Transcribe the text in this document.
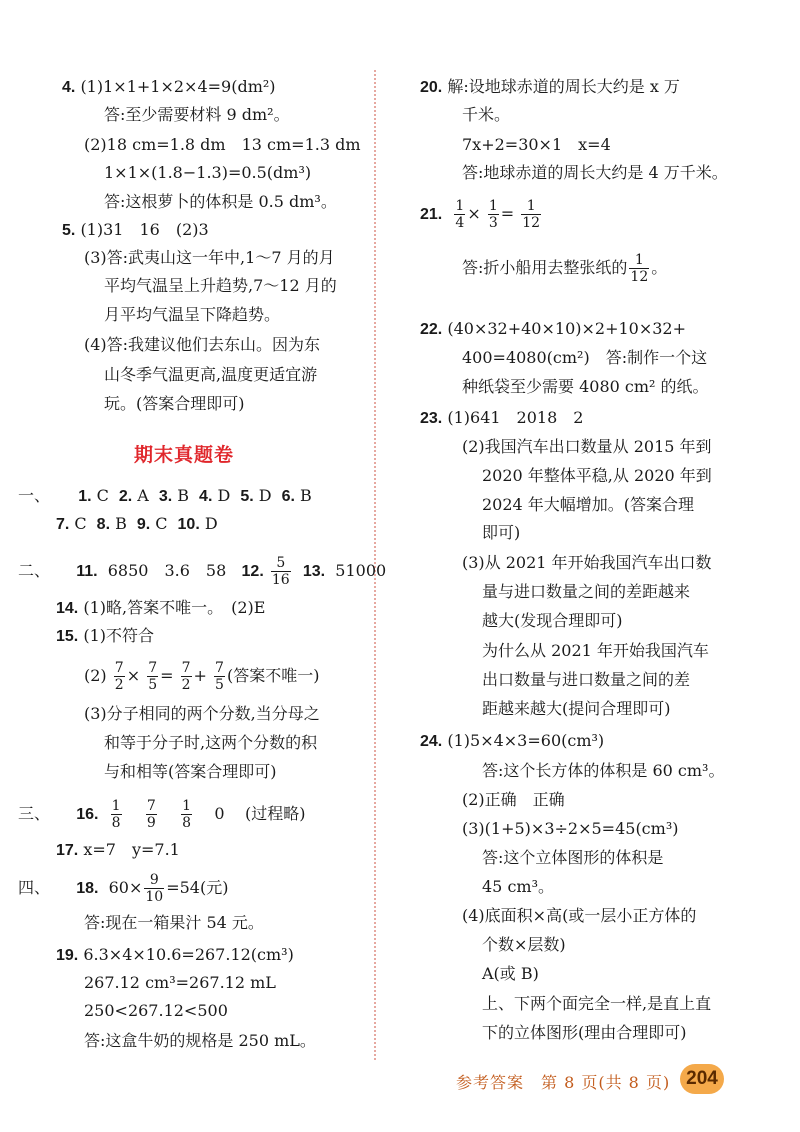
4. (1)1×1+1×2×4=9(dm²)
答:至少需要材料 9 dm²。
(2)18 cm=1.8 dm　13 cm=1.3 dm
1×1×(1.8−1.3)=0.5(dm³)
答:这根萝卜的体积是 0.5 dm³。
5. (1)31　16　(2)3
(3)答:武夷山这一年中,1～7 月的月
平均气温呈上升趋势,7～12 月的
月平均气温呈下降趋势。
(4)答:我建议他们去东山。因为东
山冬季气温更高,温度更适宜游
玩。(答案合理即可)
期末真题卷
一、 1. C 2. A 3. B 4. D 5. D 6. B
7. C 8. B 9. C 10. D
二、 11. 6850　3.6　58 12. $\frac{5}{16} 13$. 51000
14. (1)略,答案不唯一。　(2)E
15. (1)不符合
$(2) \frac{7}{2} \times \frac{7}{5} = \frac{7}{2} + \frac{7}{5}$ (答案不唯一)
(3)分子相同的两个分数,当分母之
和等于分子时,这两个分数的积
与和相等(答案合理即可)
三、 16. $\frac{1}{8}$
$\frac{7}{9}$
$\frac{1}{8} 0$ (过程略)
17. x=7　y=7.1
四、 18. $60\times \frac{9}{10} =54$(元)
答:现在一箱果汁 54 元。
19. 6.3×4×10.6=267.12(cm³)
267.12 cm³=267.12 mL
250<267.12<500
答:这盒牛奶的规格是 250 mL。
20. 解:设地球赤道的周长大约是 x 万
千米。
7x+2=30×1　x=4
答:地球赤道的周长大约是 4 万千米。
21. $\frac{1}{4} \times \frac{1}{3} = \frac{1}{12}$
答:折小船用去整张纸的 $\frac{1}{12}$ 。
22. (40×32+40×10)×2+10×32+
400=4080(cm²)　答:制作一个这
种纸袋至少需要 4080 cm² 的纸。
23. (1)641　2018　2
(2)我国汽车出口数量从 2015 年到
2020 年整体平稳,从 2020 年到
2024 年大幅增加。(答案合理
即可)
(3)从 2021 年开始我国汽车出口数
量与进口数量之间的差距越来
越大(发现合理即可)
为什么从 2021 年开始我国汽车
出口数量与进口数量之间的差
距越来越大(提问合理即可)
24. (1)5×4×3=60(cm³)
答:这个长方体的体积是 60 cm³。
(2)正确　正确
(3)(1+5)×3÷2×5=45(cm³)
答:这个立体图形的体积是
45 cm³。
(4)底面积×高(或一层小正方体的
个数×层数)
A(或 B)
上、下两个面完全一样,是直上直
下的立体图形(理由合理即可)
参考答案　第 8 页(共 8 页) 204
